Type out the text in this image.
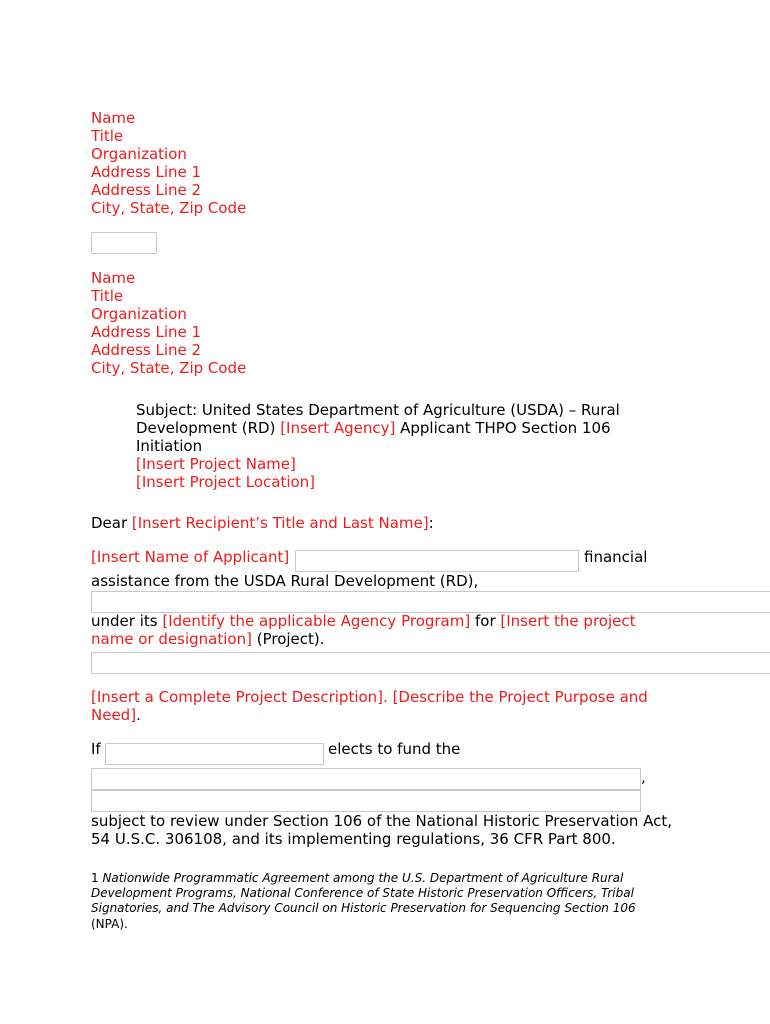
Name
Title
Organization
Address Line 1
Address Line 2
City, State, Zip Code
Name
Title
Organization
Address Line 1
Address Line 2
City, State, Zip Code
Subject: United States Department of Agriculture (USDA) – Rural
Development (RD) [Insert Agency] Applicant THPO Section 106
Initiation
[Insert Project Name]
[Insert Project Location]
Dear [Insert Recipient’s Title and Last Name]:
[Insert Name of Applicant]	financial
assistance from the USDA Rural Development (RD),
under its [Identify the applicable Agency Program] for [Insert the project
name or designation] (Project).
[Insert a Complete Project Description]. [Describe the Project Purpose and
Need].
If	elects to fund the
,
subject to review under Section 106 of the National Historic Preservation Act,
54 U.S.C. 306108, and its implementing regulations, 36 CFR Part 800.
1 Nationwide Programmatic Agreement among the U.S. Department of Agriculture Rural
Development Programs, National Conference of State Historic Preservation Officers, Tribal
Signatories, and The Advisory Council on Historic Preservation for Sequencing Section 106
(NPA).
